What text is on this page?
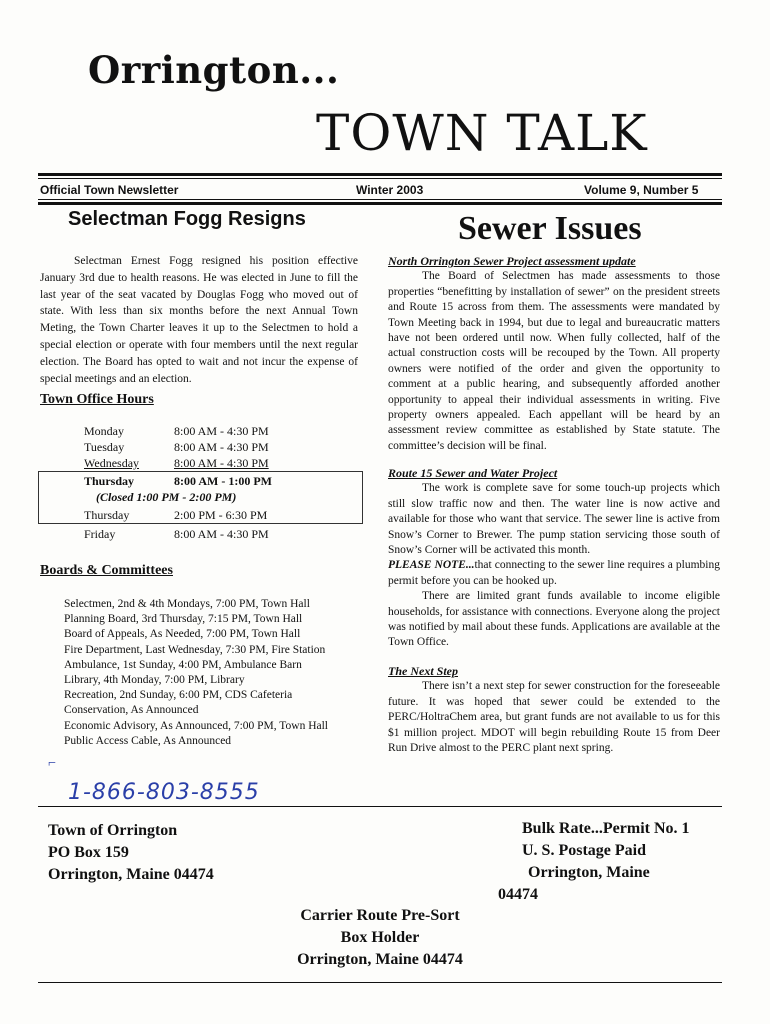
Orrington...
TOWN TALK
Official Town Newsletter	Winter 2003	Volume 9, Number 5
Selectman Fogg Resigns

Selectman Ernest Fogg resigned his position effective January 3rd due to health reasons. He was elected in June to fill the last year of the seat vacated by Douglas Fogg who moved out of state. With less than six months before the next Annual Town Meting, the Town Charter leaves it up to the Selectmen to hold a special election or operate with four members until the next regular election. The Board has opted to wait and not incur the expense of special meetings and an election.

Town Office Hours
Monday	8:00 AM - 4:30 PM
Tuesday	8:00 AM - 4:30 PM
Wednesday	8:00 AM - 4:30 PM
Thursday	8:00 AM - 1:00 PM
(Closed 1:00 PM - 2:00 PM)
Thursday	2:00 PM - 6:30 PM
Friday	8:00 AM - 4:30 PM
Boards & Committees
Selectmen, 2nd & 4th Mondays, 7:00 PM, Town Hall
Planning Board, 3rd Thursday, 7:15 PM, Town Hall
Board of Appeals, As Needed, 7:00 PM, Town Hall
Fire Department, Last Wednesday, 7:30 PM, Fire Station
Ambulance, 1st Sunday, 4:00 PM, Ambulance Barn
Library, 4th Monday, 7:00 PM, Library
Recreation, 2nd Sunday, 6:00 PM, CDS Cafeteria
Conservation, As Announced
Economic Advisory, As Announced, 7:00 PM, Town Hall
Public Access Cable, As Announced
Sewer Issues

North Orrington Sewer Project assessment update

The Board of Selectmen has made assessments to those properties “benefitting by installation of sewer” on the president streets and Route 15 across from them. The assessments were mandated by Town Meeting back in 1994, but due to legal and bureaucratic matters have not been ordered until now. When fully collected, half of the actual construction costs will be recouped by the Town. All property owners were notified of the order and given the opportunity to comment at a public hearing, and subsequently afforded another opportunity to appeal their individual assessments in writing. Five property owners appealed. Each appellant will be heard by an assessment review committee as established by State statute. The committee’s decision will be final.

Route 15 Sewer and Water Project

The work is complete save for some touch-up projects which still slow traffic now and then. The water line is now active and available for those who want that service. The sewer line is active from Snow’s Corner to Brewer. The pump station servicing those south of Snow’s Corner will be activated this month.

PLEASE NOTE...that connecting to the sewer line requires a plumbing permit before you can be hooked up.

There are limited grant funds available to income eligible households, for assistance with connections. Everyone along the project was notified by mail about these funds. Applications are available at the Town Office.

The Next Step

There isn’t a next step for sewer construction for the foreseeable future. It was hoped that sewer could be extended to the PERC/HoltraChem area, but grant funds are not available to us for this $1 million project. MDOT will begin rebuilding Route 15 from Deer Run Drive almost to the PERC plant next spring.

⌐
1-866-803-8555
Town of Orrington
PO Box 159
Orrington, Maine 04474
Bulk Rate...Permit No. 1
U. S. Postage Paid
Orrington, Maine
04474
Carrier Route Pre-Sort
Box Holder
Orrington, Maine 04474
